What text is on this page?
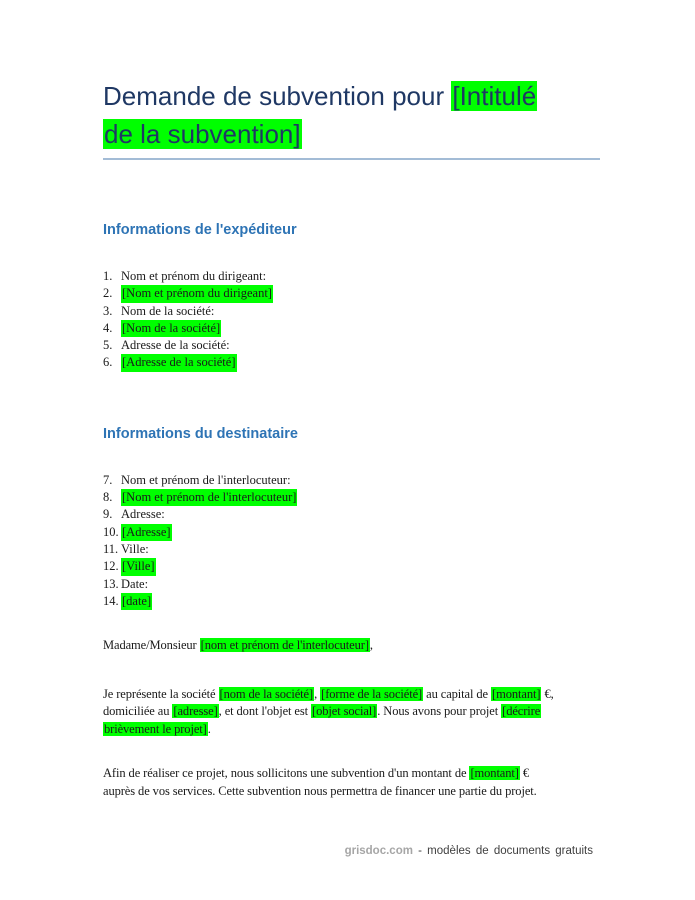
Demande de subvention pour [Intitulé
de la subvention]
Informations de l'expéditeur
1. Nom et prénom du dirigeant:
2. [Nom et prénom du dirigeant]
3. Nom de la société:
4. [Nom de la société]
5. Adresse de la société:
6. [Adresse de la société]
Informations du destinataire
7. Nom et prénom de l'interlocuteur:
8. [Nom et prénom de l'interlocuteur]
9. Adresse:
10. [Adresse]
11. Ville:
12. [Ville]
13. Date:
14. [date]

Madame/Monsieur [nom et prénom de l'interlocuteur],

Je représente la société [nom de la société], [forme de la société] au capital de [montant] €,
domiciliée au [adresse], et dont l'objet est [objet social]. Nous avons pour projet [décrire
brièvement le projet].

Afin de réaliser ce projet, nous sollicitons une subvention d'un montant de [montant] €
auprès de vos services. Cette subvention nous permettra de financer une partie du projet.

grisdoc.com - modèles de documents gratuits
